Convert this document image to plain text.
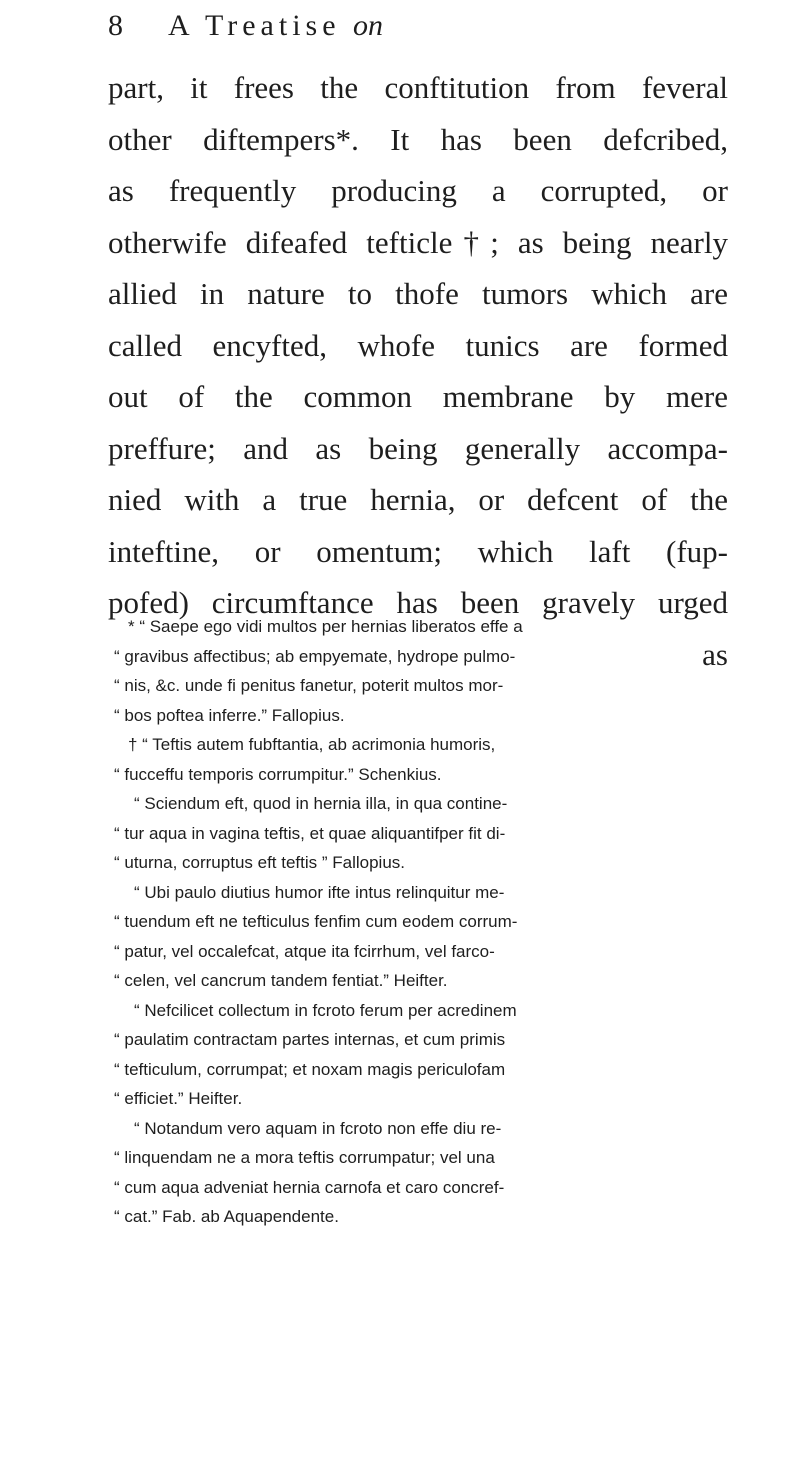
8 A Treatise on
part, it frees the conftitution from feveral
other diftempers*. It has been defcribed,
as frequently producing a corrupted, or
otherwife difeafed tefticle†; as being nearly
allied in nature to thofe tumors which are
called encyfted, whofe tunics are formed
out of the common membrane by mere
preffure; and as being generally accompa-
nied with a true hernia, or defcent of the
inteftine, or omentum; which laft (fup-
pofed) circumftance has been gravely urged
as
* “ Saepe ego vidi multos per hernias liberatos effe a
“ gravibus affectibus; ab empyemate, hydrope pulmo-
“ nis, &c. unde fi penitus fanetur, poterit multos mor-
“ bos poftea inferre.” Fallopius.
† “ Teftis autem fubftantia, ab acrimonia humoris,
“ fucceffu temporis corrumpitur.” Schenkius.
“ Sciendum eft, quod in hernia illa, in qua contine-
“ tur aqua in vagina teftis, et quae aliquantifper fit di-
“ uturna, corruptus eft teftis ” Fallopius.
“ Ubi paulo diutius humor ifte intus relinquitur me-
“ tuendum eft ne tefticulus fenfim cum eodem corrum-
“ patur, vel occalefcat, atque ita fcirrhum, vel farco-
“ celen, vel cancrum tandem fentiat.” Heifter.
“ Nefcilicet collectum in fcroto ferum per acredinem
“ paulatim contractam partes internas, et cum primis
“ tefticulum, corrumpat; et noxam magis periculofam
“ efficiet.” Heifter.
“ Notandum vero aquam in fcroto non effe diu re-
“ linquendam ne a mora teftis corrumpatur; vel una
“ cum aqua adveniat hernia carnofa et caro concref-
“ cat.” Fab. ab Aquapendente.
